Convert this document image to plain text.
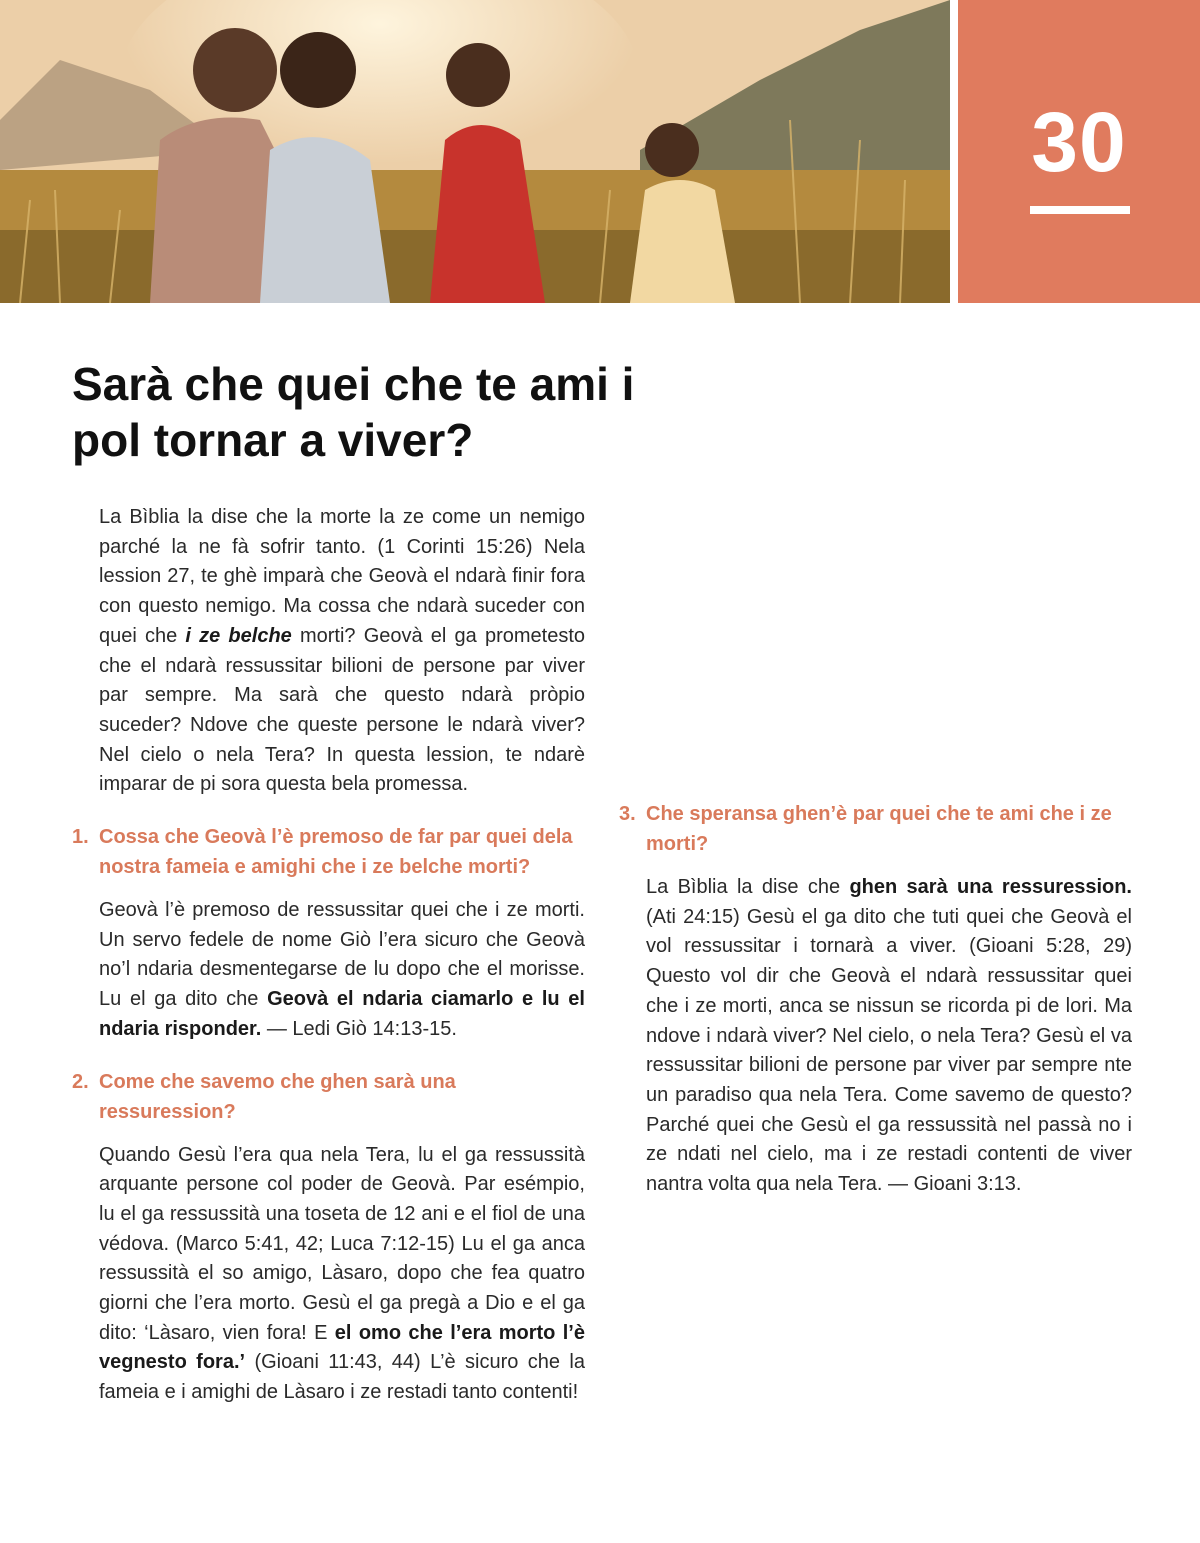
30
Sarà che quei che te ami i
pol tornar a viver?

La Bìblia la dise che la morte la ze come un nemigo parché la ne fà sofrir tanto. (1 Corinti 15:26) Nela lession 27, te ghè imparà che Geovà el ndarà finir fora con questo nemigo. Ma cossa che ndarà suceder con quei che i ze belche morti? Geovà el ga prometesto che el ndarà ressussitar bilioni de persone par viver par sempre. Ma sarà che questo ndarà pròpio suceder? Ndove che queste persone le ndarà viver? Nel cielo o nela Tera? In questa lession, te ndarè imparar de pi sora questa bela promessa.

1. Cossa che Geovà l’è premoso de far par quei dela nostra fameia e amighi che i ze belche morti?

Geovà l’è premoso de ressussitar quei che i ze morti. Un servo fedele de nome Giò l’era sicuro che Geovà no’l ndaria desmentegarse de lu dopo che el morisse. Lu el ga dito che Geovà el ndaria ciamarlo e lu el ndaria risponder. — Ledi Giò 14:13-15.

2. Come che savemo che ghen sarà una ressuression?

Quando Gesù l’era qua nela Tera, lu el ga ressussità arquante persone col poder de Geovà. Par esémpio, lu el ga ressussità una toseta de 12 ani e el fiol de una védova. (Marco 5:41, 42; Luca 7:12-15) Lu el ga anca ressussità el so amigo, Làsaro, dopo che fea quatro giorni che l’era morto. Gesù el ga pregà a Dio e el ga dito: ‘Làsaro, vien fora! E el omo che l’era morto l’è vegnesto fora.’ (Gioani 11:43, 44) L’è sicuro che la fameia e i amighi de Làsaro i ze restadi tanto contenti!

3. Che speransa ghen’è par quei che te ami che i ze morti?

La Bìblia la dise che ghen sarà una ressuression. (Ati 24:15) Gesù el ga dito che tuti quei che Geovà el vol ressussitar i tornarà a viver. (Gioani 5:28, 29) Questo vol dir che Geovà el ndarà ressussitar quei che i ze morti, anca se nissun se ricorda pi de lori. Ma ndove i ndarà viver? Nel cielo, o nela Tera? Gesù el va ressussitar bilioni de persone par viver par sempre nte un paradiso qua nela Tera. Come savemo de questo? Parché quei che Gesù el ga ressussità nel passà no i ze ndati nel cielo, ma i ze restadi contenti de viver nantra volta qua nela Tera. — Gioani 3:13.
